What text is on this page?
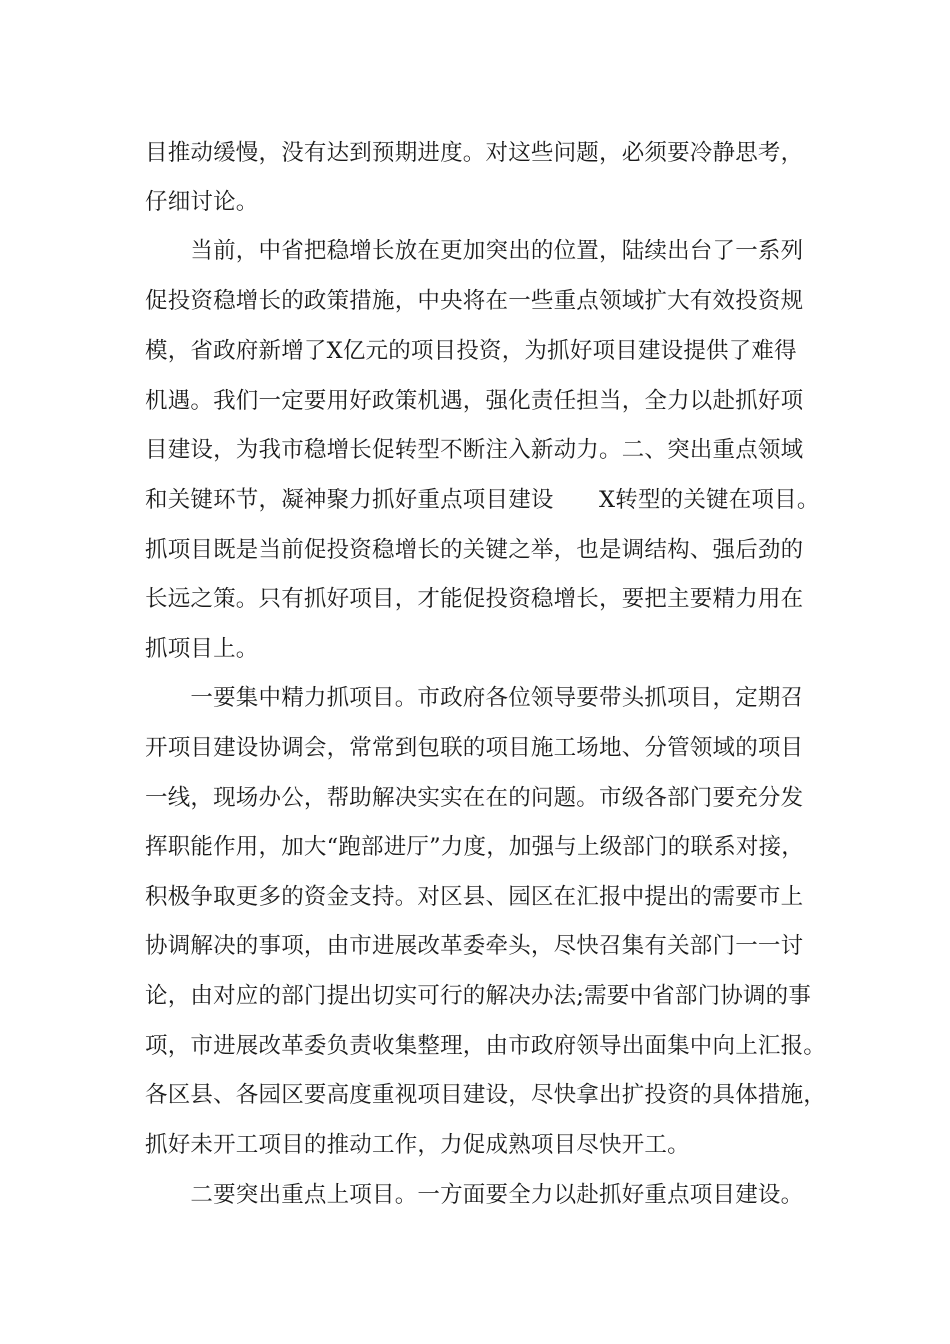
目推动缓慢，没有达到预期进度。对这些问题，必须要冷静思考，
仔细讨论。
　　当前，中省把稳增长放在更加突出的位置，陆续出台了一系列
促投资稳增长的政策措施，中央将在一些重点领域扩大有效投资规
模，省政府新增了X亿元的项目投资，为抓好项目建设提供了难得
机遇。我们一定要用好政策机遇，强化责任担当，全力以赴抓好项
目建设，为我市稳增长促转型不断注入新动力。二、突出重点领域
和关键环节，凝神聚力抓好重点项目建设　　X转型的关键在项目。
抓项目既是当前促投资稳增长的关键之举，也是调结构、强后劲的
长远之策。只有抓好项目，才能促投资稳增长，要把主要精力用在
抓项目上。
　　一要集中精力抓项目。市政府各位领导要带头抓项目，定期召
开项目建设协调会，常常到包联的项目施工场地、分管领域的项目
一线，现场办公，帮助解决实实在在的问题。市级各部门要充分发
挥职能作用，加大“跑部进厅”力度，加强与上级部门的联系对接，
积极争取更多的资金支持。对区县、园区在汇报中提出的需要市上
协调解决的事项，由市进展改革委牵头，尽快召集有关部门一一讨
论，由对应的部门提出切实可行的解决办法;需要中省部门协调的事
项，市进展改革委负责收集整理，由市政府领导出面集中向上汇报。
各区县、各园区要高度重视项目建设，尽快拿出扩投资的具体措施，
抓好未开工项目的推动工作，力促成熟项目尽快开工。
　　二要突出重点上项目。一方面要全力以赴抓好重点项目建设。
